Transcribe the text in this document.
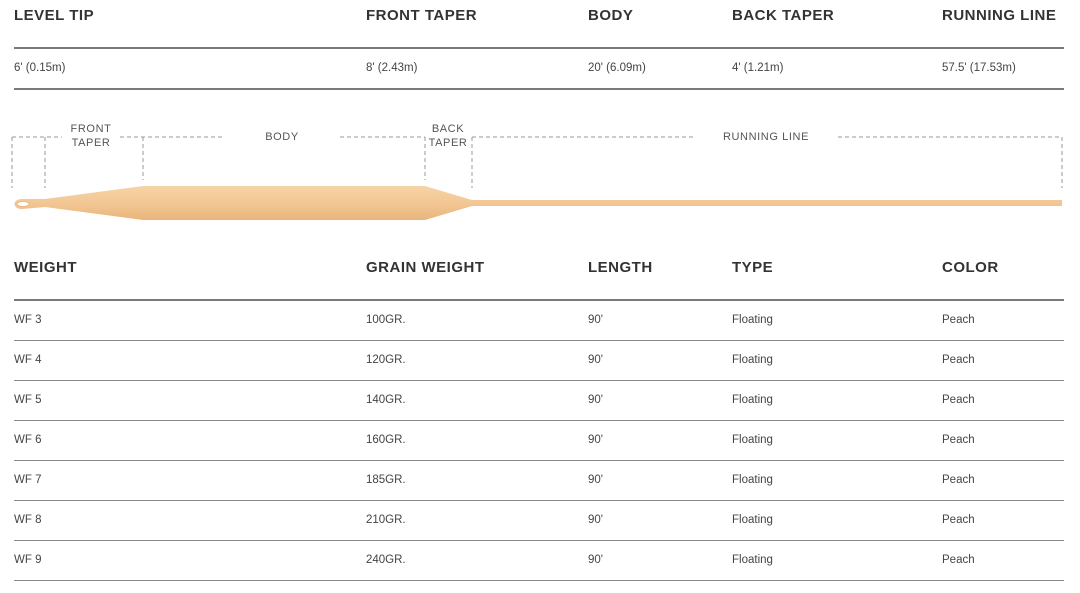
LEVEL TIP	FRONT TAPER	BODY	BACK TAPER	RUNNING LINE
6' (0.15m)	8' (2.43m)	20' (6.09m)	4' (1.21m)	57.5' (17.53m)
FRONT
TAPER	BODY
BACK
TAPER	RUNNING LINE
WEIGHT	GRAIN WEIGHT	LENGTH	TYPE	COLOR
WF 3	100GR.	90'	Floating	Peach
WF 4	120GR.	90'	Floating	Peach
WF 5	140GR.	90'	Floating	Peach
WF 6	160GR.	90'	Floating	Peach
WF 7	185GR.	90'	Floating	Peach
WF 8	210GR.	90'	Floating	Peach
WF 9	240GR.	90'	Floating	Peach
